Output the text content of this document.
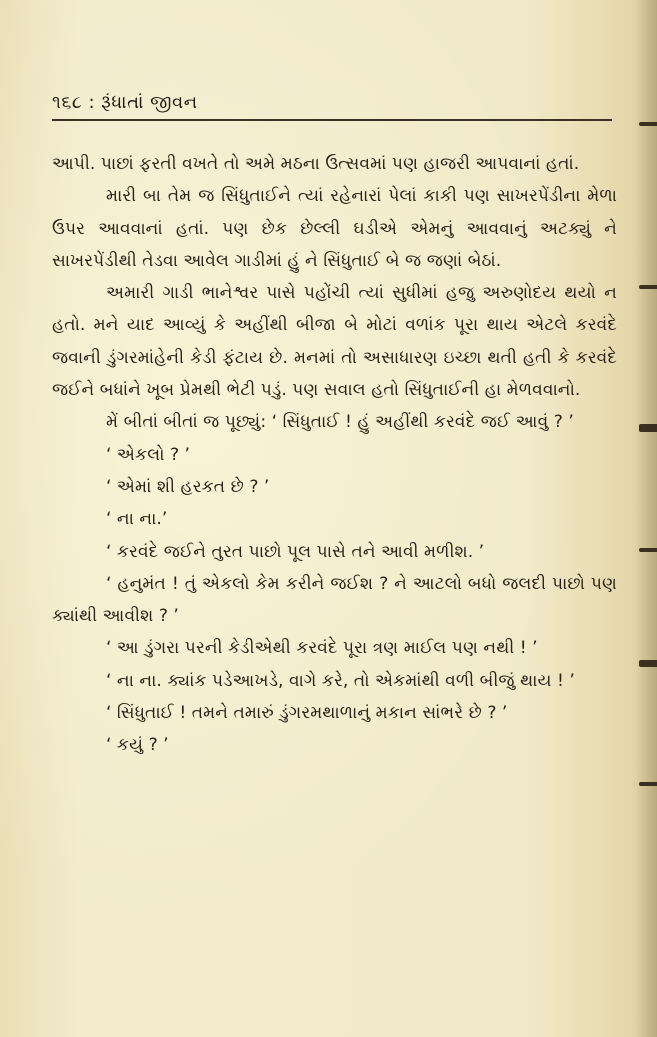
૧૬૮ : રૂંધાતાં જીવન

આપી. પાછાં ફરતી વખતે તો અમે મઠના ઉત્સવમાં પણ હાજરી આપવાનાં હતાં.

મારી બા તેમ જ સિંધુતાઈને ત્યાં રહેનારાં પેલાં કાકી પણ સાખરપેંડીના મેળા ઉપર આવવાનાં હતાં. પણ છેક છેલ્લી ઘડીએ એમનું આવવાનું અટક્યું ને સાખરપેંડીથી તેડવા આવેલ ગાડીમાં હું ને સિંધુતાઈ બે જ જણાં બેઠાં.

અમારી ગાડી ભાનેશ્વર પાસે પહોંચી ત્યાં સુધીમાં હજુ અરુણોદય થયો ન હતો. મને યાદ આવ્યું કે અહીંથી બીજા બે મોટાં વળાંક પૂરા થાય એટલે કરવંદે જવાની ડુંગરમાંહેની કેડી ફંટાય છે. મનમાં તો અસાધારણ ઇચ્છા થતી હતી કે કરવંદે જઈને બધાંને ખૂબ પ્રેમથી ભેટી પડું. પણ સવાલ હતો સિંધુતાઈની હા મેળવવાનો.

મેં બીતાં બીતાં જ પૂછ્યું: ‘ સિંધુતાઈ ! હું અહીંથી કરવંદે જઈ આવું ? ’

‘ એકલો ? ’

‘ એમાં શી હરકત છે ? ’

‘ ના ના.’

‘ કરવંદે જઈને તુરત પાછો પૂલ પાસે તને આવી મળીશ. ’

‘ હનુમંત ! તું એકલો કેમ કરીને જઈશ ? ને આટલો બધો જલદી પાછો પણ ક્યાંથી આવીશ ? ’

‘ આ ડુંગરા પરની કેડીએથી કરવંદે પૂરા ત્રણ માઈલ પણ નથી ! ’

‘ ના ના. ક્યાંક પડેઆખડે, વાગે કરે, તો એકમાંથી વળી બીજું થાય ! ’

‘ સિંધુતાઈ ! તમને તમારું ડુંગરમથાળાનું મકાન સાંભરે છે ? ’

‘ કયું ? ’
